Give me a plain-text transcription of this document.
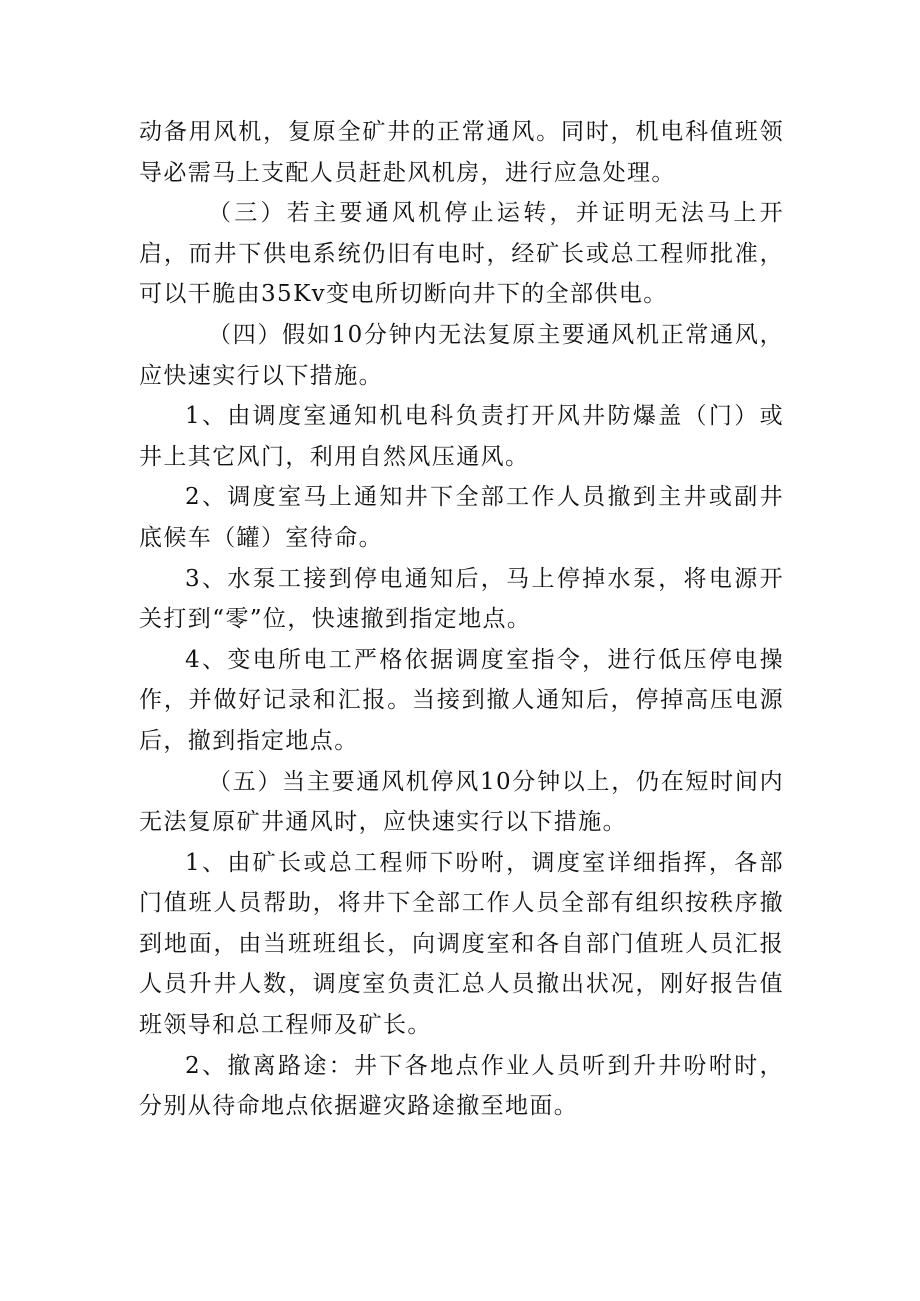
动备用风机，复原全矿井的正常通风。同时，机电科值班领导必需马上支配人员赶赴风机房，进行应急处理。

（三）若主要通风机停止运转，并证明无法马上开启，而井下供电系统仍旧有电时，经矿长或总工程师批准，可以干脆由35Kv变电所切断向井下的全部供电。

（四）假如10分钟内无法复原主要通风机正常通风，应快速实行以下措施。

1、由调度室通知机电科负责打开风井防爆盖（门）或井上其它风门，利用自然风压通风。

2、调度室马上通知井下全部工作人员撤到主井或副井底候车（罐）室待命。

3、水泵工接到停电通知后，马上停掉水泵，将电源开关打到“零”位，快速撤到指定地点。

4、变电所电工严格依据调度室指令，进行低压停电操作，并做好记录和汇报。当接到撤人通知后，停掉高压电源后，撤到指定地点。

（五）当主要通风机停风10分钟以上，仍在短时间内无法复原矿井通风时，应快速实行以下措施。

1、由矿长或总工程师下吩咐，调度室详细指挥，各部门值班人员帮助，将井下全部工作人员全部有组织按秩序撤到地面，由当班班组长，向调度室和各自部门值班人员汇报人员升井人数，调度室负责汇总人员撤出状况，刚好报告值班领导和总工程师及矿长。

2、撤离路途：井下各地点作业人员听到升井吩咐时，分别从待命地点依据避灾路途撤至地面。
